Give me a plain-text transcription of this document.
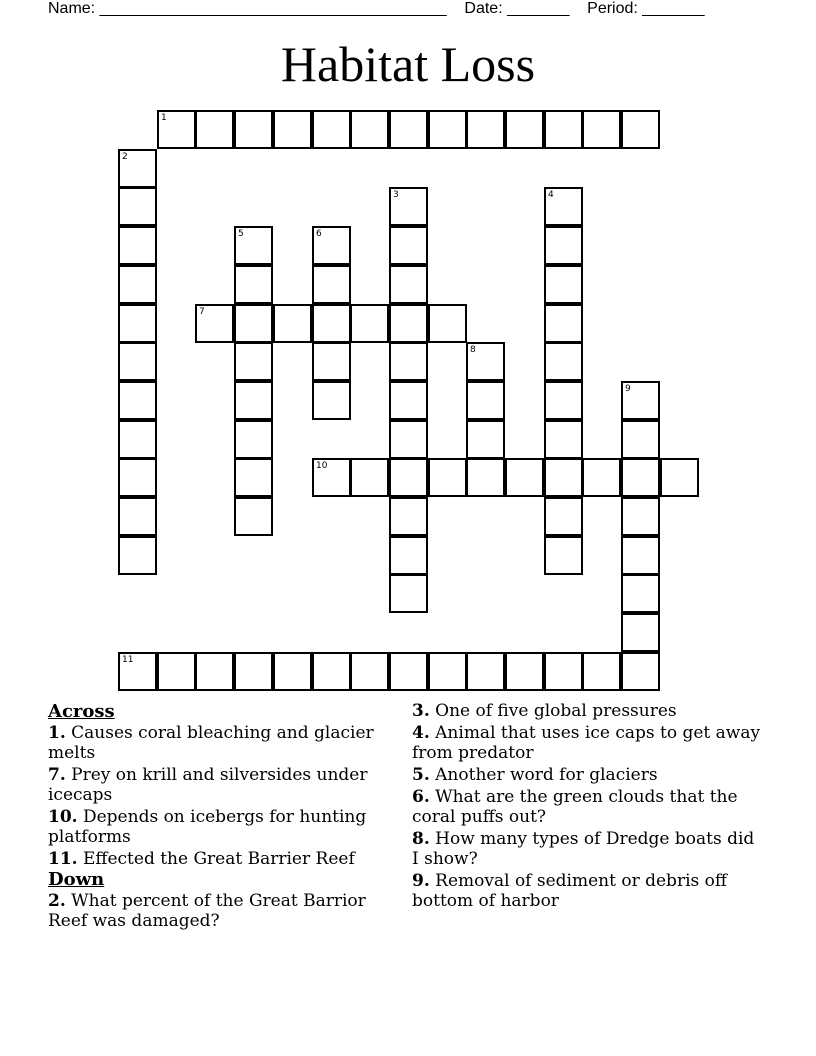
Name: _______________________________________    Date: _______    Period: _______
Habitat Loss
1
2
3	4
5	6
7
8
9
10
11
Across
1. Causes coral bleaching and glacier melts
7. Prey on krill and silversides under icecaps
10. Depends on icebergs for hunting platforms
11. Effected the Great Barrier Reef
Down
2. What percent of the Great Barrior Reef was damaged?
3. One of five global pressures
4. Animal that uses ice caps to get away from predator
5. Another word for glaciers
6. What are the green clouds that the coral puffs out?
8. How many types of Dredge boats did I show?
9. Removal of sediment or debris off bottom of harbor
